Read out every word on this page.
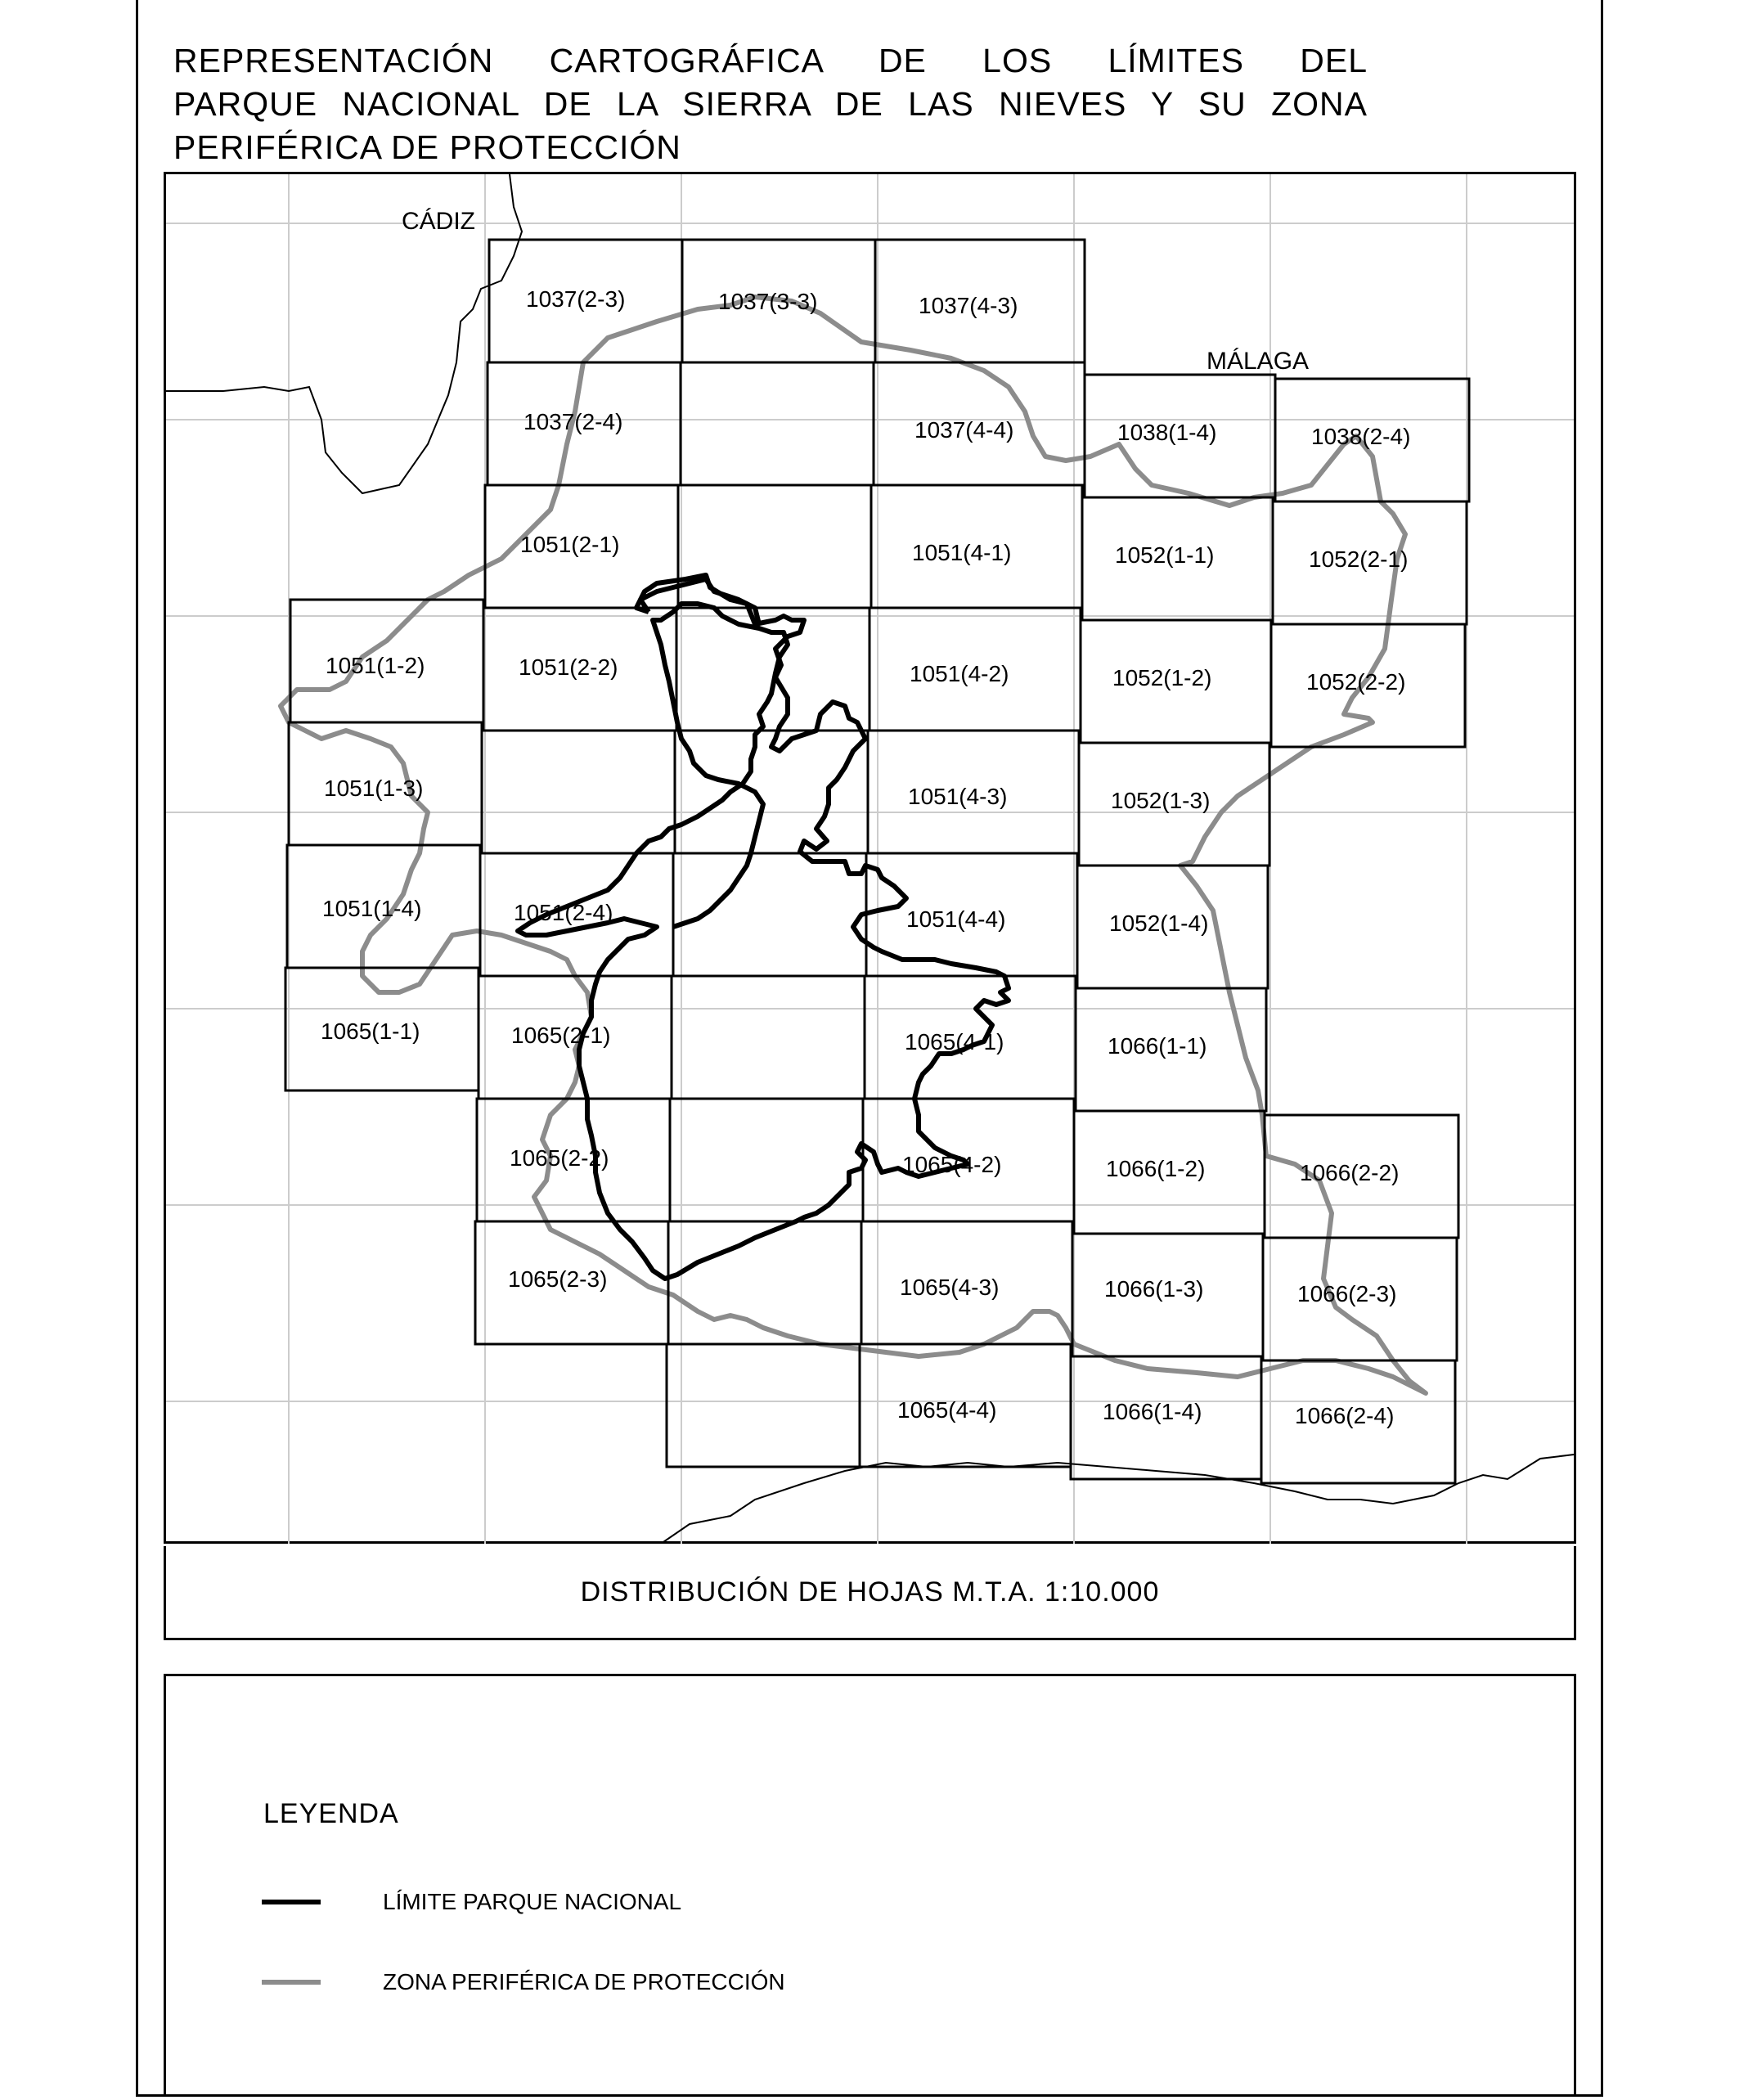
REPRESENTACIÓN CARTOGRÁFICA DE LOS LÍMITES DEL
PARQUE NACIONAL DE LA SIERRA DE LAS NIEVES Y SU ZONA
PERIFÉRICA DE PROTECCIÓN
CÁDIZ
MÁLAGA
1037(2-3)	1037(3-3)	1037(4-3)
1037(2-4)	1037(4-4)	1038(1-4)	1038(2-4)
1051(2-1)	1051(4-1)	1052(1-1)	1052(2-1)
1051(1-2)	1051(2-2)	1051(4-2)	1052(1-2)	1052(2-2)
1051(1-3)	1051(4-3)	1052(1-3)
1051(1-4)	1051(2-4)	1051(4-4)	1052(1-4)
1065(1-1)	1065(2-1)	1065(4-1)	1066(1-1)
1065(2-2)	1065(4-2)	1066(1-2)	1066(2-2)
1065(2-3)	1065(4-3)	1066(1-3)	1066(2-3)
1065(4-4)	1066(1-4)	1066(2-4)
DISTRIBUCIÓN DE HOJAS M.T.A. 1:10.000
LEYENDA
LÍMITE PARQUE NACIONAL
ZONA PERIFÉRICA DE PROTECCIÓN
